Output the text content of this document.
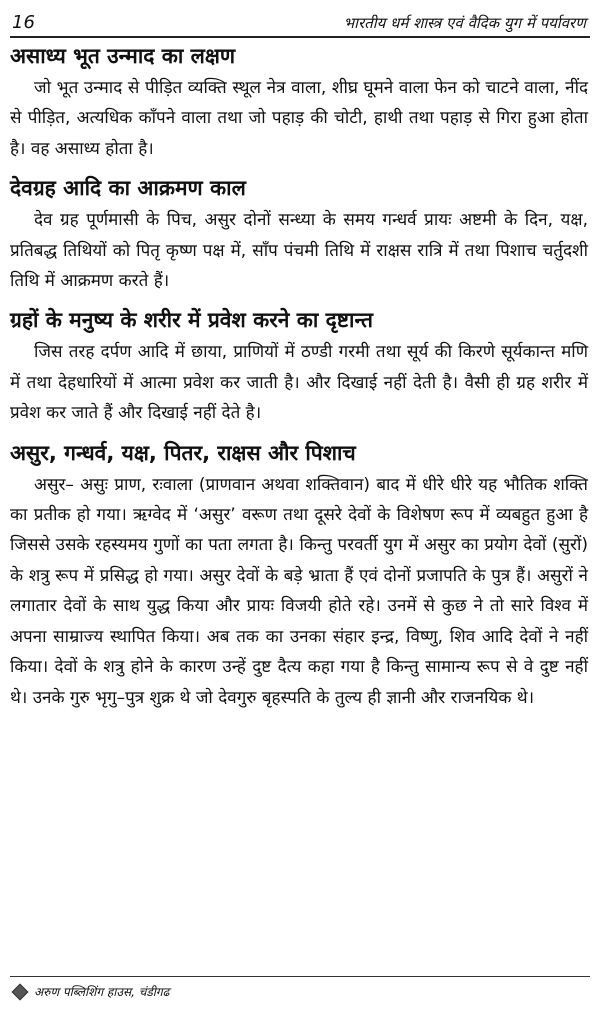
16	भारतीय धर्म शास्त्र एवं वैदिक युग में पर्यावरण
असाध्य भूत उन्माद का लक्षण

जो भूत उन्माद से पीड़ित व्यक्ति स्थूल नेत्र वाला, शीघ्र घूमने वाला फेन को चाटने वाला, नींद से पीड़ित, अत्यधिक काँपने वाला तथा जो पहाड़ की चोटी, हाथी तथा पहाड़ से गिरा हुआ होता है। वह असाध्य होता है।

देवग्रह आदि का आक्रमण काल

देव ग्रह पूर्णमासी के पिच, असुर दोनों सन्ध्या के समय गन्धर्व प्रायः अष्टमी के दिन, यक्ष, प्रतिबद्ध तिथियों को पितृ कृष्ण पक्ष में, साँप पंचमी तिथि में राक्षस रात्रि में तथा पिशाच चर्तुदशी तिथि में आक्रमण करते हैं।

ग्रहों के मनुष्य के शरीर में प्रवेश करने का दृष्टान्त

जिस तरह दर्पण आदि में छाया, प्राणियों में ठण्डी गरमी तथा सूर्य की किरणे सूर्यकान्त मणि में तथा देहधारियों में आत्मा प्रवेश कर जाती है। और दिखाई नहीं देती है। वैसी ही ग्रह शरीर में प्रवेश कर जाते हैं और दिखाई नहीं देते है।

असुर, गन्धर्व, यक्ष, पितर, राक्षस और पिशाच

असुर– असुः प्राण, रःवाला (प्राणवान अथवा शक्तिवान) बाद में धीरे धीरे यह भौतिक शक्ति का प्रतीक हो गया। ऋग्वेद में ‘असुर’ वरूण तथा दूसरे देवों के विशेषण रूप में व्यबहुत हुआ है जिससे उसके रहस्यमय गुणों का पता लगता है। किन्तु परवर्ती युग में असुर का प्रयोग देवों (सुरों) के शत्रु रूप में प्रसिद्ध हो गया। असुर देवों के बड़े भ्राता हैं एवं दोनों प्रजापति के पुत्र हैं। असुरों ने लगातार देवों के साथ युद्ध किया और प्रायः विजयी होते रहे। उनमें से कुछ ने तो सारे विश्व में अपना साम्राज्य स्थापित किया। अब तक का उनका संहार इन्द्र, विष्णु, शिव आदि देवों ने नहीं किया। देवों के शत्रु होने के कारण उन्हें दुष्ट दैत्य कहा गया है किन्तु सामान्य रूप से वे दुष्ट नहीं थे। उनके गुरु भृगु–पुत्र शुक्र थे जो देवगुरु बृहस्पति के तुल्य ही ज्ञानी और राजनयिक थे।

अरुण पब्लिशिंग हाउस, चंडीगढ
